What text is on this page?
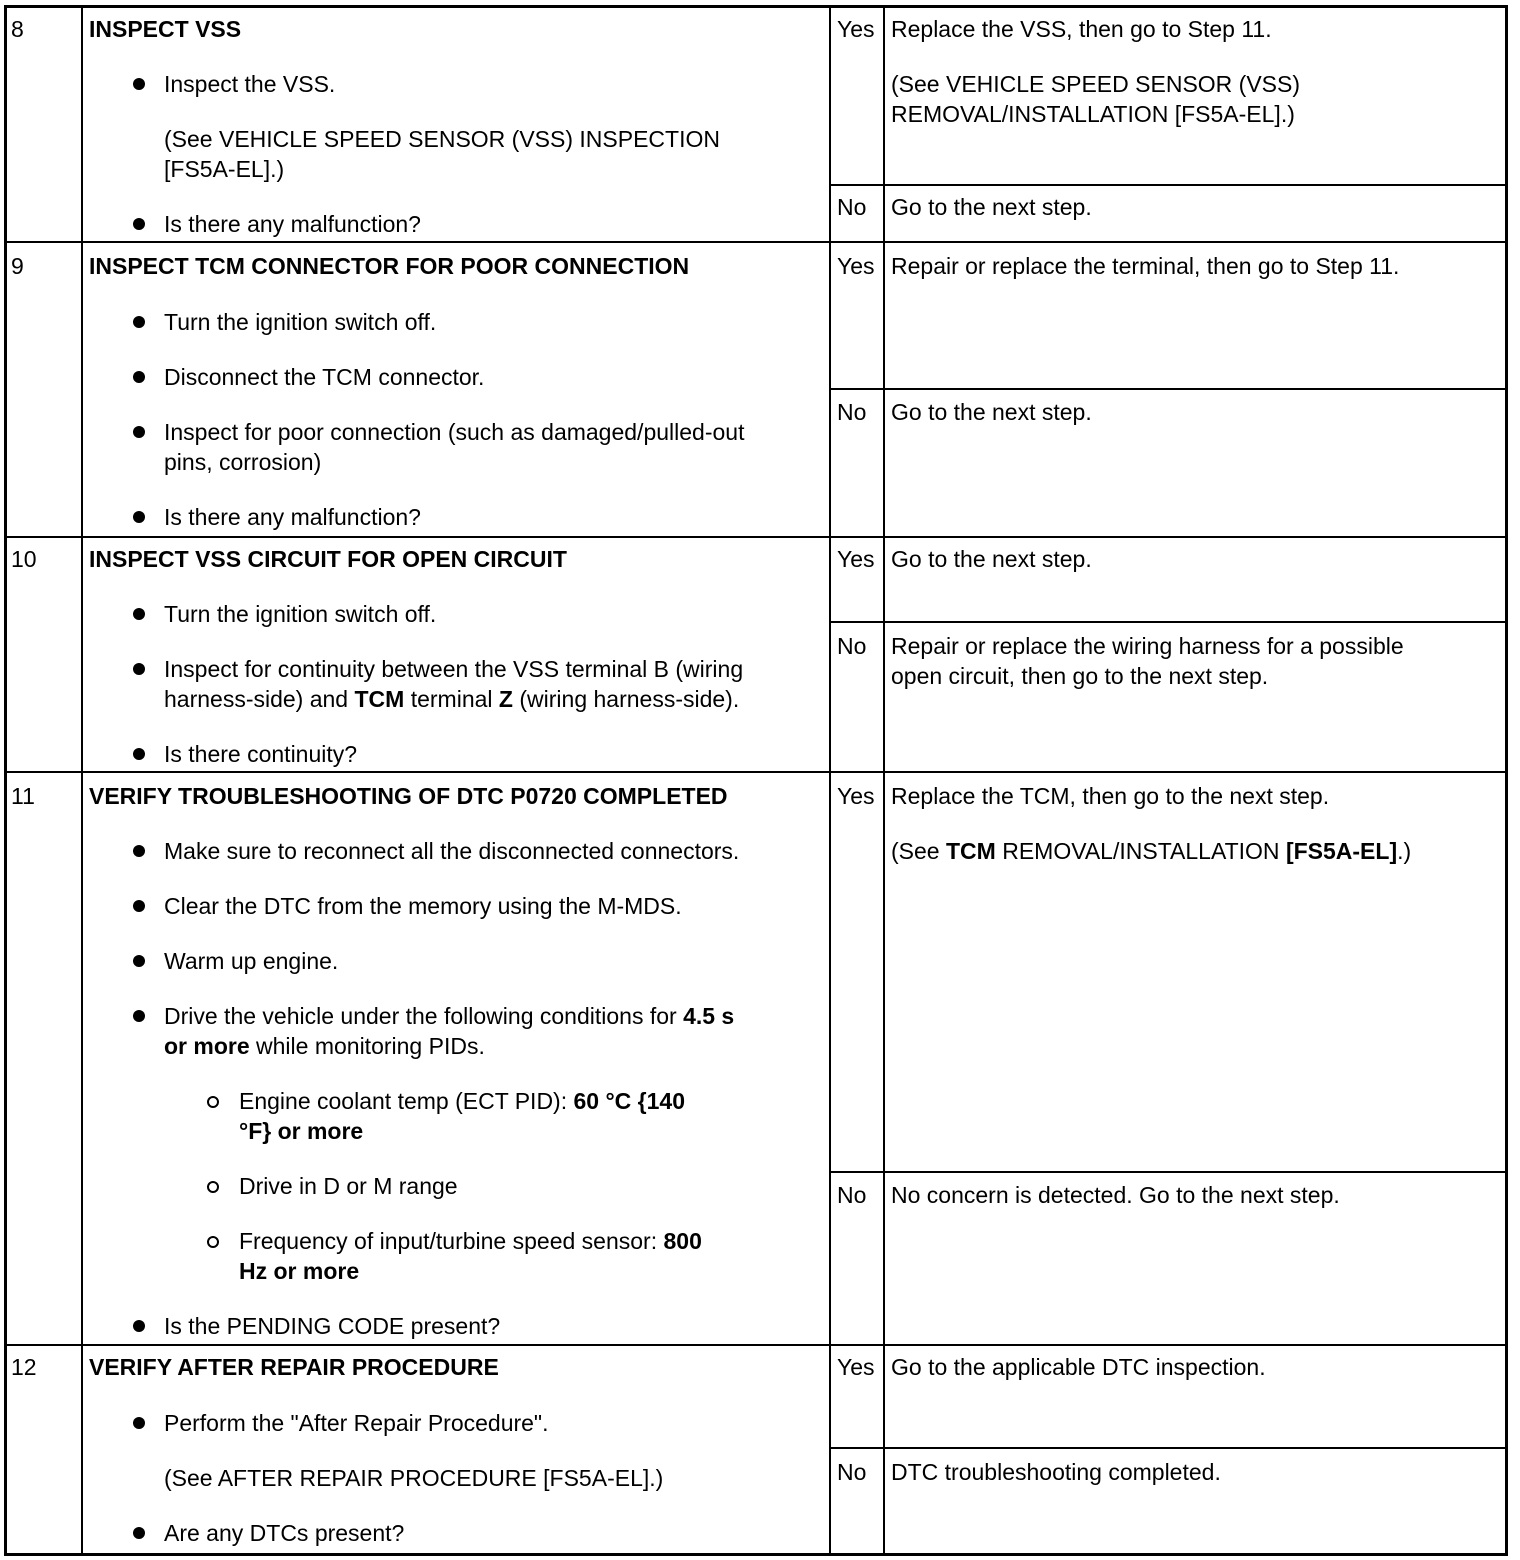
8	INSPECT VSS
Inspect the VSS.
(See VEHICLE SPEED SENSOR (VSS) INSPECTION
[FS5A-EL].)
Is there any malfunction?
Yes Replace the VSS, then go to Step 11.
(See VEHICLE SPEED SENSOR (VSS)
REMOVAL/INSTALLATION [FS5A-EL].)
No Go to the next step.
9	INSPECT TCM CONNECTOR FOR POOR CONNECTION
Turn the ignition switch off.
Disconnect the TCM connector.
Inspect for poor connection (such as damaged/pulled-out
pins, corrosion)
Is there any malfunction?
Yes Repair or replace the terminal, then go to Step 11.
No Go to the next step.
10 INSPECT VSS CIRCUIT FOR OPEN CIRCUIT
Turn the ignition switch off.
Inspect for continuity between the VSS terminal B (wiring
harness-side) and TCM terminal Z (wiring harness-side).
Is there continuity?
Yes Go to the next step.
No Repair or replace the wiring harness for a possible
open circuit, then go to the next step.
11 VERIFY TROUBLESHOOTING OF DTC P0720 COMPLETED
Make sure to reconnect all the disconnected connectors.
Clear the DTC from the memory using the M-MDS.
Warm up engine.
Drive the vehicle under the following conditions for 4.5 s
or more while monitoring PIDs.
Engine coolant temp (ECT PID): 60 °C {140
°F} or more
Drive in D or M range
Frequency of input/turbine speed sensor: 800
Hz or more
Is the PENDING CODE present?
Yes Replace the TCM, then go to the next step.
(See TCM REMOVAL/INSTALLATION [FS5A-EL].)
No No concern is detected. Go to the next step.
12 VERIFY AFTER REPAIR PROCEDURE
Perform the "After Repair Procedure".
(See AFTER REPAIR PROCEDURE [FS5A-EL].)
Are any DTCs present?
Yes Go to the applicable DTC inspection.
No DTC troubleshooting completed.
